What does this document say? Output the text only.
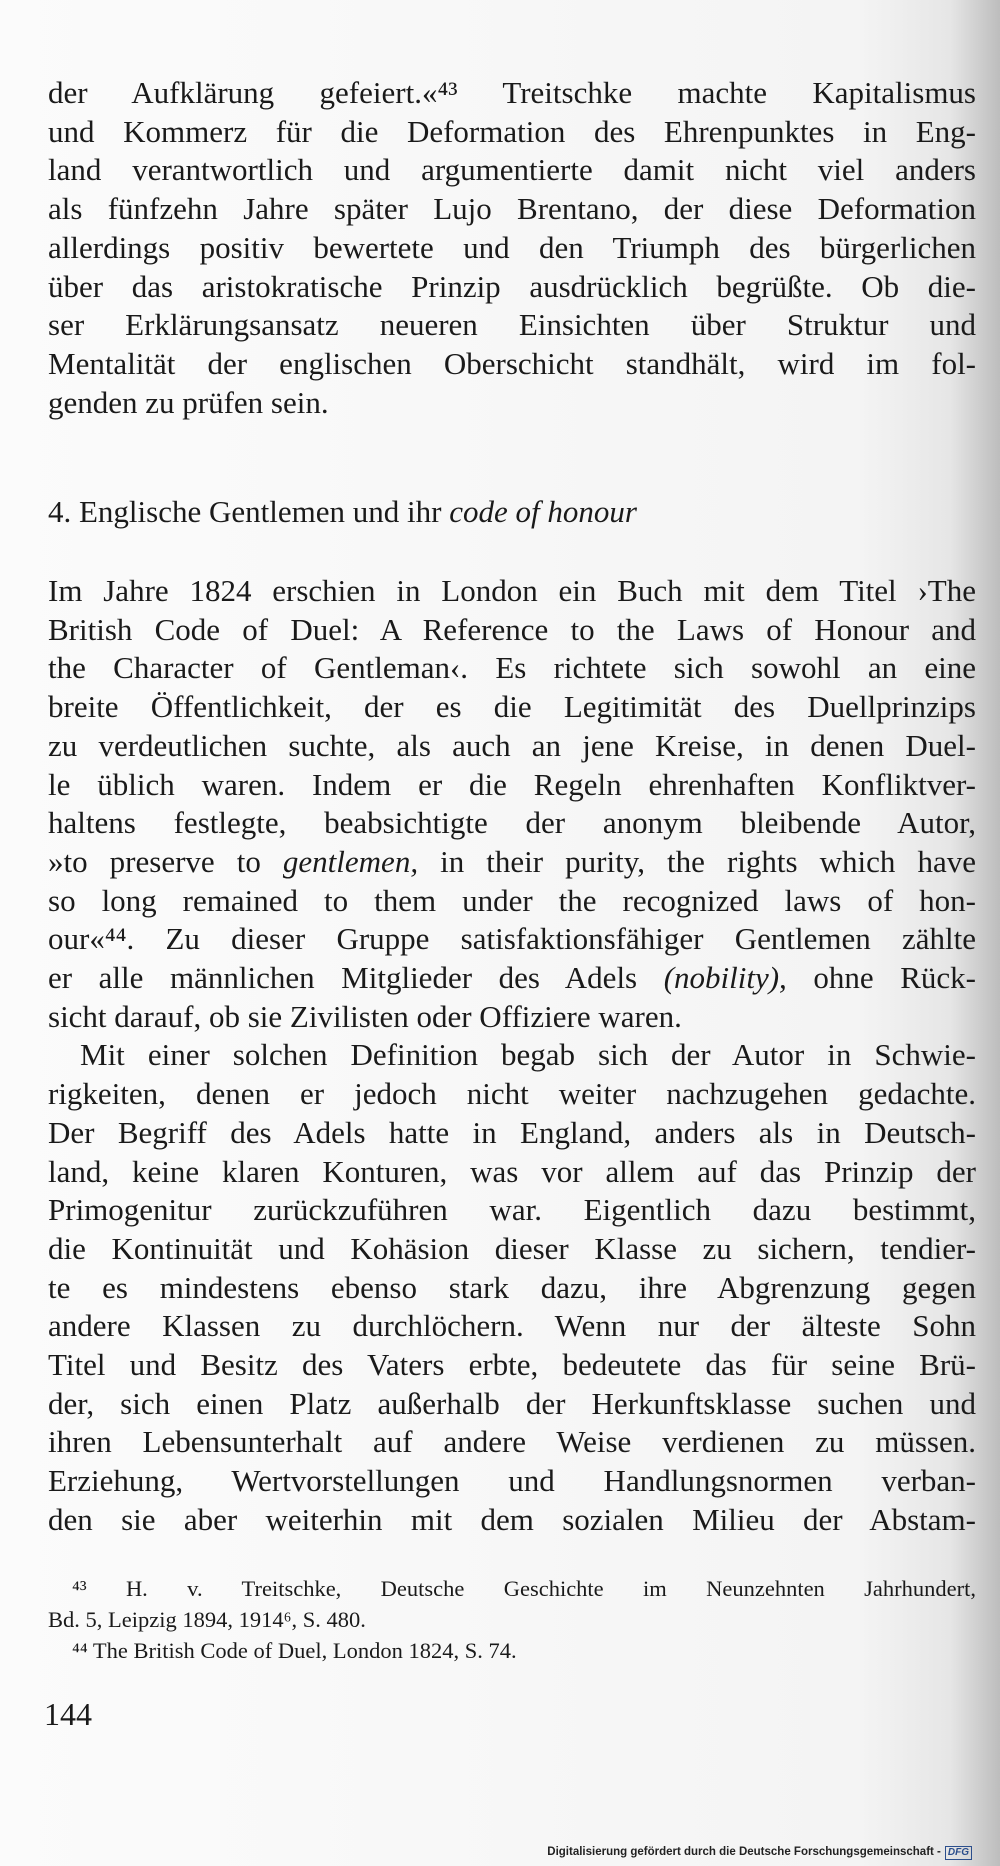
der Aufklärung gefeiert.«⁴³ Treitschke machte Kapitalismus
und Kommerz für die Deformation des Ehrenpunktes in Eng-
land verantwortlich und argumentierte damit nicht viel anders
als fünfzehn Jahre später Lujo Brentano, der diese Deformation
allerdings positiv bewertete und den Triumph des bürgerlichen
über das aristokratische Prinzip ausdrücklich begrüßte. Ob die-
ser Erklärungsansatz neueren Einsichten über Struktur und
Mentalität der englischen Oberschicht standhält, wird im fol-
genden zu prüfen sein.
4. Englische Gentlemen und ihr code of honour
Im Jahre 1824 erschien in London ein Buch mit dem Titel ›The
British Code of Duel: A Reference to the Laws of Honour and
the Character of Gentleman‹. Es richtete sich sowohl an eine
breite Öffentlichkeit, der es die Legitimität des Duellprinzips
zu verdeutlichen suchte, als auch an jene Kreise, in denen Duel-
le üblich waren. Indem er die Regeln ehrenhaften Konfliktver-
haltens festlegte, beabsichtigte der anonym bleibende Autor,
»to preserve to gentlemen, in their purity, the rights which have
so long remained to them under the recognized laws of hon-
our«⁴⁴. Zu dieser Gruppe satisfaktionsfähiger Gentlemen zählte
er alle männlichen Mitglieder des Adels (nobility), ohne Rück-
sicht darauf, ob sie Zivilisten oder Offiziere waren.
Mit einer solchen Definition begab sich der Autor in Schwie-
rigkeiten, denen er jedoch nicht weiter nachzugehen gedachte.
Der Begriff des Adels hatte in England, anders als in Deutsch-
land, keine klaren Konturen, was vor allem auf das Prinzip der
Primogenitur zurückzuführen war. Eigentlich dazu bestimmt,
die Kontinuität und Kohäsion dieser Klasse zu sichern, tendier-
te es mindestens ebenso stark dazu, ihre Abgrenzung gegen
andere Klassen zu durchlöchern. Wenn nur der älteste Sohn
Titel und Besitz des Vaters erbte, bedeutete das für seine Brü-
der, sich einen Platz außerhalb der Herkunftsklasse suchen und
ihren Lebensunterhalt auf andere Weise verdienen zu müssen.
Erziehung, Wertvorstellungen und Handlungsnormen verban-
den sie aber weiterhin mit dem sozialen Milieu der Abstam-
⁴³ H. v. Treitschke, Deutsche Geschichte im Neunzehnten Jahrhundert,
Bd. 5, Leipzig 1894, 1914⁶, S. 480.
⁴⁴ The British Code of Duel, London 1824, S. 74.
144
Digitalisierung gefördert durch die Deutsche Forschungsgemeinschaft - DFG
